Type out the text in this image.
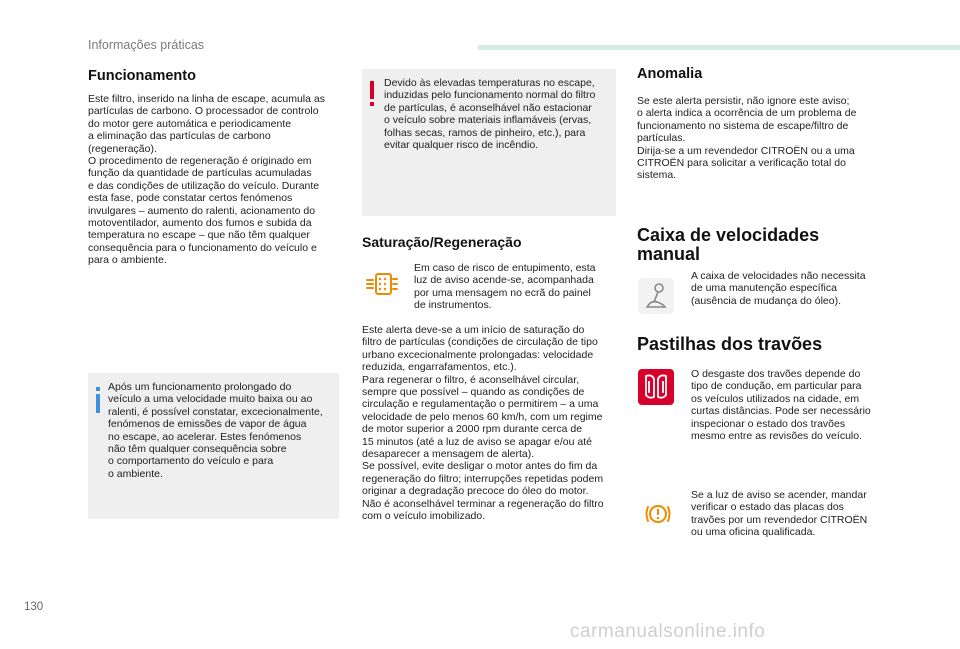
Informações práticas
Funcionamento

Este filtro, inserido na linha de escape, acumula as
partículas de carbono. O processador de controlo
do motor gere automática e periodicamente
a eliminação das partículas de carbono
(regeneração).
O procedimento de regeneração é originado em
função da quantidade de partículas acumuladas
e das condições de utilização do veículo. Durante
esta fase, pode constatar certos fenómenos
invulgares – aumento do ralenti, acionamento do
motoventilador, aumento dos fumos e subida da
temperatura no escape – que não têm qualquer
consequência para o funcionamento do veículo e
para o ambiente.

Após um funcionamento prolongado do
veículo a uma velocidade muito baixa ou ao
ralenti, é possível constatar, excecionalmente,
fenómenos de emissões de vapor de água
no escape, ao acelerar. Estes fenómenos
não têm qualquer consequência sobre
o comportamento do veículo e para
o ambiente.

Devido às elevadas temperaturas no escape,
induzidas pelo funcionamento normal do filtro
de partículas, é aconselhável não estacionar
o veículo sobre materiais inflamáveis (ervas,
folhas secas, ramos de pinheiro, etc.), para
evitar qualquer risco de incêndio.

Saturação/Regeneração

Em caso de risco de entupimento, esta
luz de aviso acende-se, acompanhada
por uma mensagem no ecrã do painel
de instrumentos.

Este alerta deve-se a um início de saturação do
filtro de partículas (condições de circulação de tipo
urbano excecionalmente prolongadas: velocidade
reduzida, engarrafamentos, etc.).
Para regenerar o filtro, é aconselhável circular,
sempre que possível – quando as condições de
circulação e regulamentação o permitirem – a uma
velocidade de pelo menos 60 km/h, com um regime
de motor superior a 2000 rpm durante cerca de
15 minutos (até a luz de aviso se apagar e/ou até
desaparecer a mensagem de alerta).
Se possível, evite desligar o motor antes do fim da
regeneração do filtro; interrupções repetidas podem
originar a degradação precoce do óleo do motor.
Não é aconselhável terminar a regeneração do filtro
com o veículo imobilizado.

Anomalia

Se este alerta persistir, não ignore este aviso;
o alerta indica a ocorrência de um problema de
funcionamento no sistema de escape/filtro de
partículas.
Dirija-se a um revendedor CITROËN ou a uma
CITROËN para solicitar a verificação total do
sistema.

Caixa de velocidades
manual

A caixa de velocidades não necessita
de uma manutenção específica
(ausência de mudança do óleo).

Pastilhas dos travões

O desgaste dos travões depende do
tipo de condução, em particular para
os veículos utilizados na cidade, em
curtas distâncias. Pode ser necessário
inspecionar o estado dos travões
mesmo entre as revisões do veículo.

Se a luz de aviso se acender, mandar
verificar o estado das placas dos
travões por um revendedor CITROËN
ou uma oficina qualificada.

130
carmanualsonline.info
